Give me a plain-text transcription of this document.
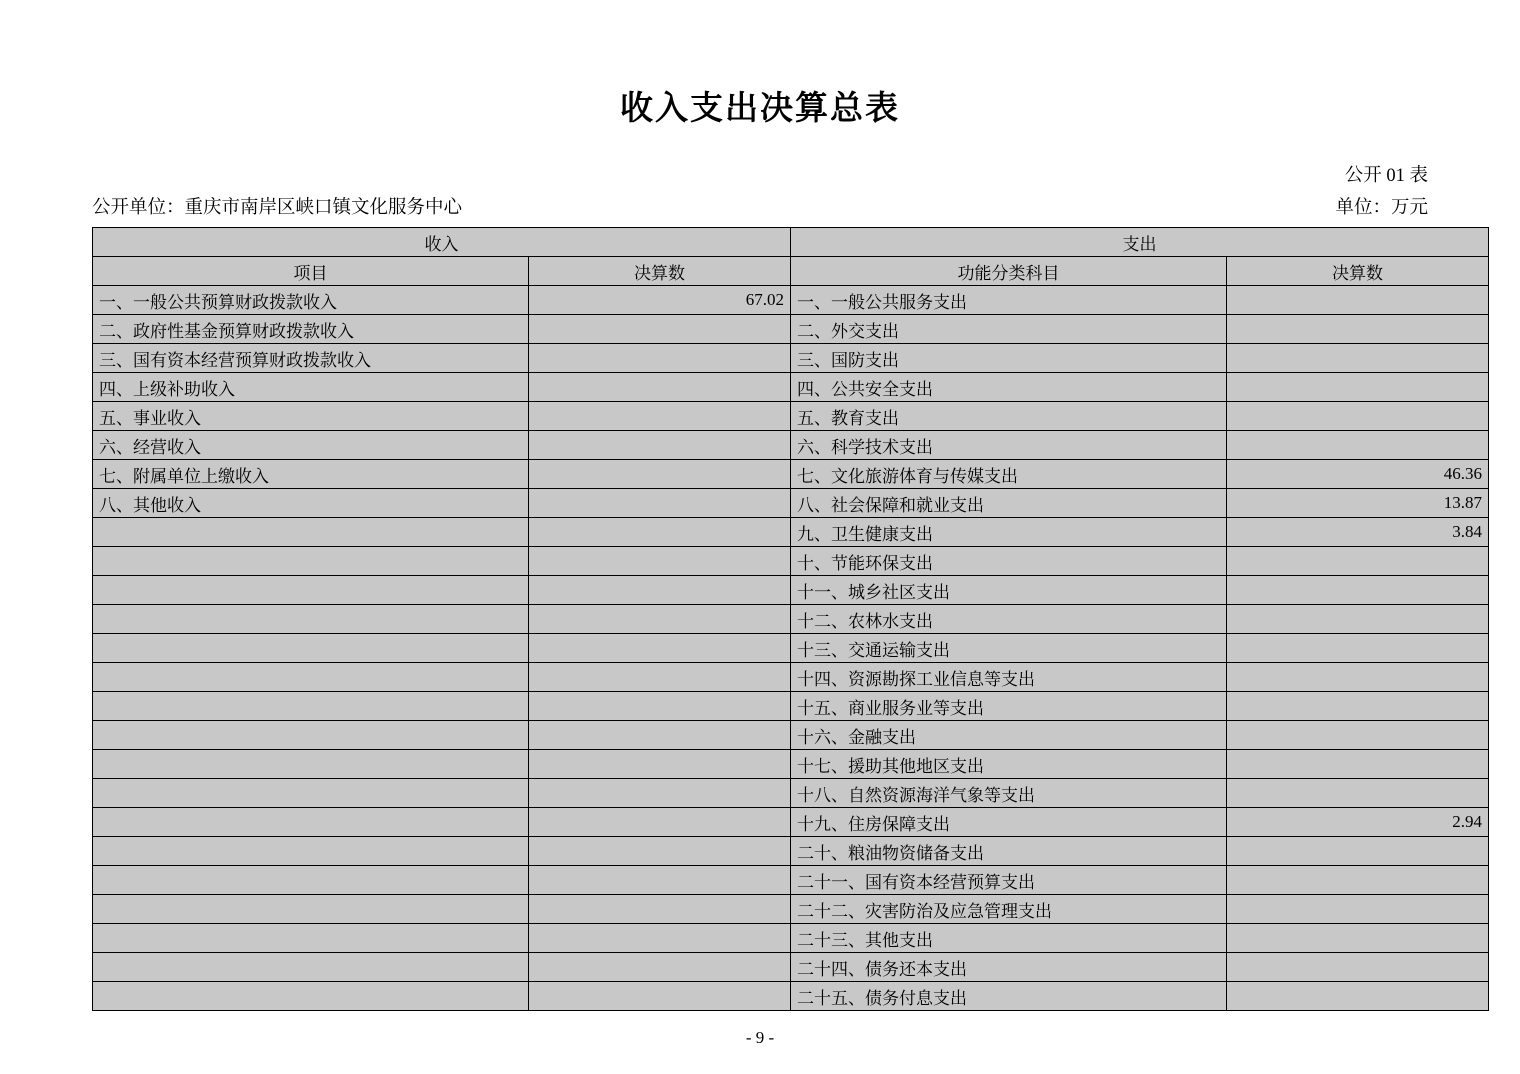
收入支出决算总表
公开 01 表
公开单位：重庆市南岸区峡口镇文化服务中心	单位：万元
收入		支出	
项目	决算数	功能分类科目	决算数
一、一般公共预算财政拨款收入	67.02	一、一般公共服务支出	
二、政府性基金预算财政拨款收入		二、外交支出	
三、国有资本经营预算财政拨款收入		三、国防支出	
四、上级补助收入		四、公共安全支出	
五、事业收入		五、教育支出	
六、经营收入		六、科学技术支出	
七、附属单位上缴收入		七、文化旅游体育与传媒支出	46.36
八、其他收入		八、社会保障和就业支出	13.87
		九、卫生健康支出	3.84
		十、节能环保支出	
		十一、城乡社区支出	
		十二、农林水支出	
		十三、交通运输支出	
		十四、资源勘探工业信息等支出	
		十五、商业服务业等支出	
		十六、金融支出	
		十七、援助其他地区支出	
		十八、自然资源海洋气象等支出	
		十九、住房保障支出	2.94
		二十、粮油物资储备支出	
		二十一、国有资本经营预算支出	
		二十二、灾害防治及应急管理支出	
		二十三、其他支出	
		二十四、债务还本支出	
		二十五、债务付息支出	
- 9 -
